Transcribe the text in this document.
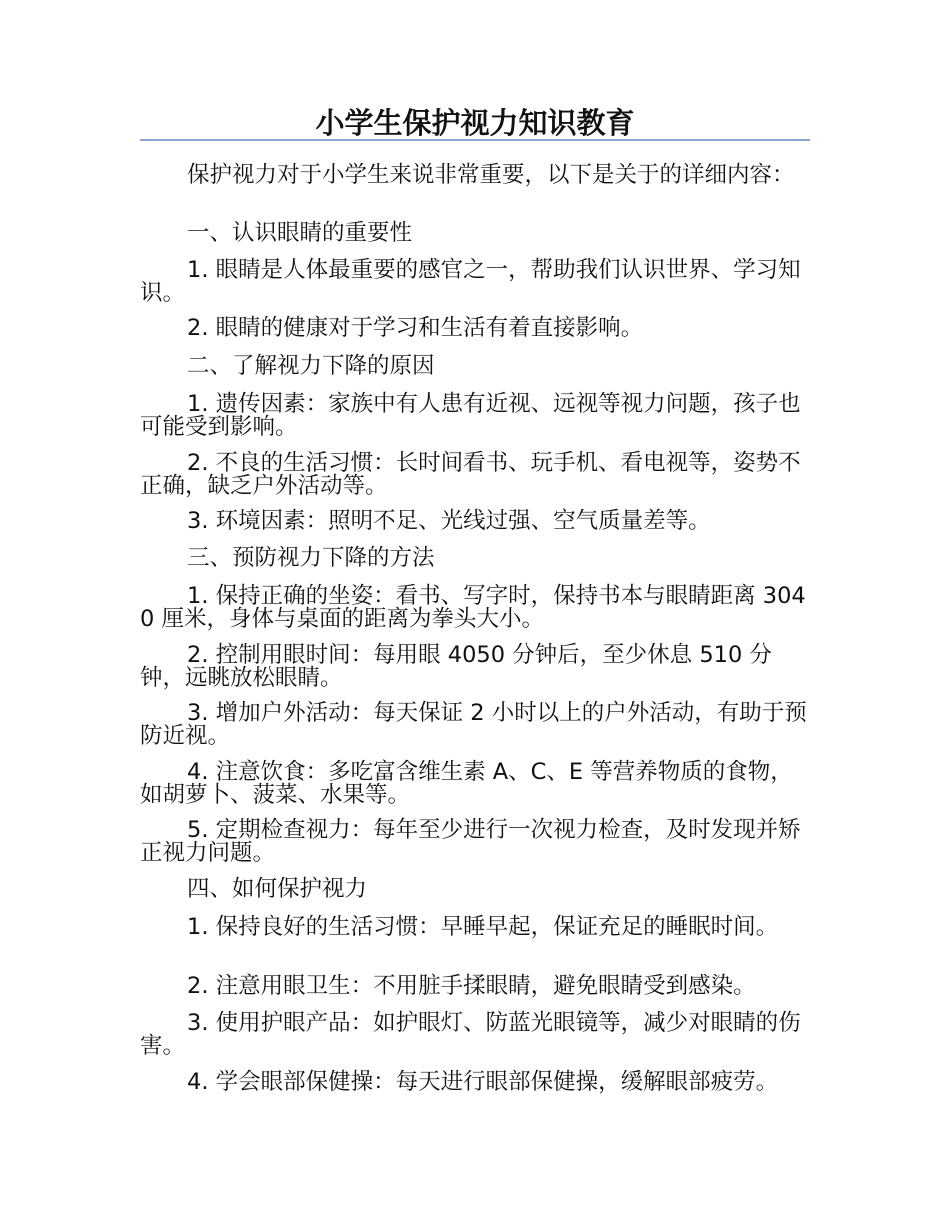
小学生保护视力知识教育

保护视力对于小学生来说非常重要，以下是关于的详细内容：

一、认识眼睛的重要性

1. 眼睛是人体最重要的感官之一，帮助我们认识世界、学习知识。

2. 眼睛的健康对于学习和生活有着直接影响。

二、了解视力下降的原因

1. 遗传因素：家族中有人患有近视、远视等视力问题，孩子也可能受到影响。

2. 不良的生活习惯：长时间看书、玩手机、看电视等，姿势不正确，缺乏户外活动等。

3. 环境因素：照明不足、光线过强、空气质量差等。

三、预防视力下降的方法

1. 保持正确的坐姿：看书、写字时，保持书本与眼睛距离 3040 厘米，身体与桌面的距离为拳头大小。

2. 控制用眼时间：每用眼 4050 分钟后，至少休息 510 分钟，远眺放松眼睛。

3. 增加户外活动：每天保证 2 小时以上的户外活动，有助于预防近视。

4. 注意饮食：多吃富含维生素 A、C、E 等营养物质的食物，如胡萝卜、菠菜、水果等。

5. 定期检查视力：每年至少进行一次视力检查，及时发现并矫正视力问题。

四、如何保护视力

1. 保持良好的生活习惯：早睡早起，保证充足的睡眠时间。

2. 注意用眼卫生：不用脏手揉眼睛，避免眼睛受到感染。

3. 使用护眼产品：如护眼灯、防蓝光眼镜等，减少对眼睛的伤害。

4. 学会眼部保健操：每天进行眼部保健操，缓解眼部疲劳。
